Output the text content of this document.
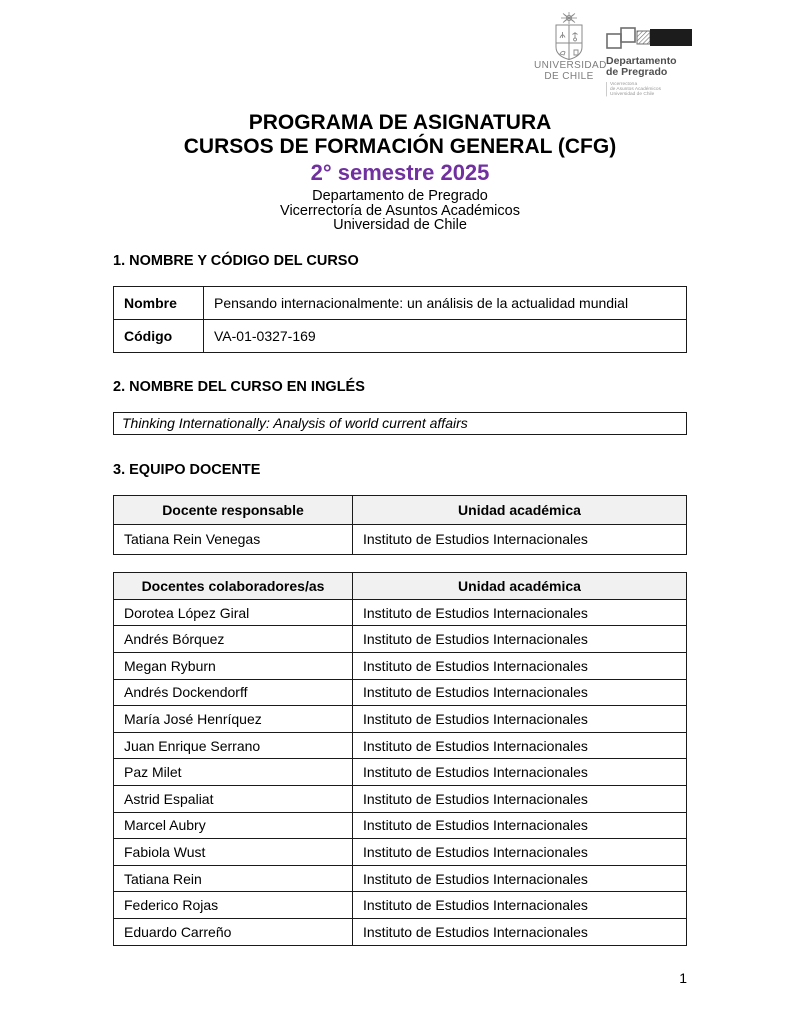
UNIVERSIDAD
DE CHILE
Departamento
de Pregrado
Vicerrectoría
de Asuntos Académicos
Universidad de Chile
PROGRAMA DE ASIGNATURA
CURSOS DE FORMACIÓN GENERAL (CFG)
2° semestre 2025
Departamento de Pregrado
Vicerrectoría de Asuntos Académicos
Universidad de Chile
1. NOMBRE Y CÓDIGO DEL CURSO
Nombre	Pensando internacionalmente: un análisis de la actualidad mundial
Código	VA-01-0327-169
2. NOMBRE DEL CURSO EN INGLÉS
Thinking Internationally: Analysis of world current affairs
3. EQUIPO DOCENTE
Docente responsable	Unidad académica
Tatiana Rein Venegas	Instituto de Estudios Internacionales
Docentes colaboradores/as	Unidad académica
Dorotea López Giral	Instituto de Estudios Internacionales
Andrés Bórquez	Instituto de Estudios Internacionales
Megan Ryburn	Instituto de Estudios Internacionales
Andrés Dockendorff	Instituto de Estudios Internacionales
María José Henríquez	Instituto de Estudios Internacionales
Juan Enrique Serrano	Instituto de Estudios Internacionales
Paz Milet	Instituto de Estudios Internacionales
Astrid Espaliat	Instituto de Estudios Internacionales
Marcel Aubry	Instituto de Estudios Internacionales
Fabiola Wust	Instituto de Estudios Internacionales
Tatiana Rein	Instituto de Estudios Internacionales
Federico Rojas	Instituto de Estudios Internacionales
Eduardo Carreño	Instituto de Estudios Internacionales
1
